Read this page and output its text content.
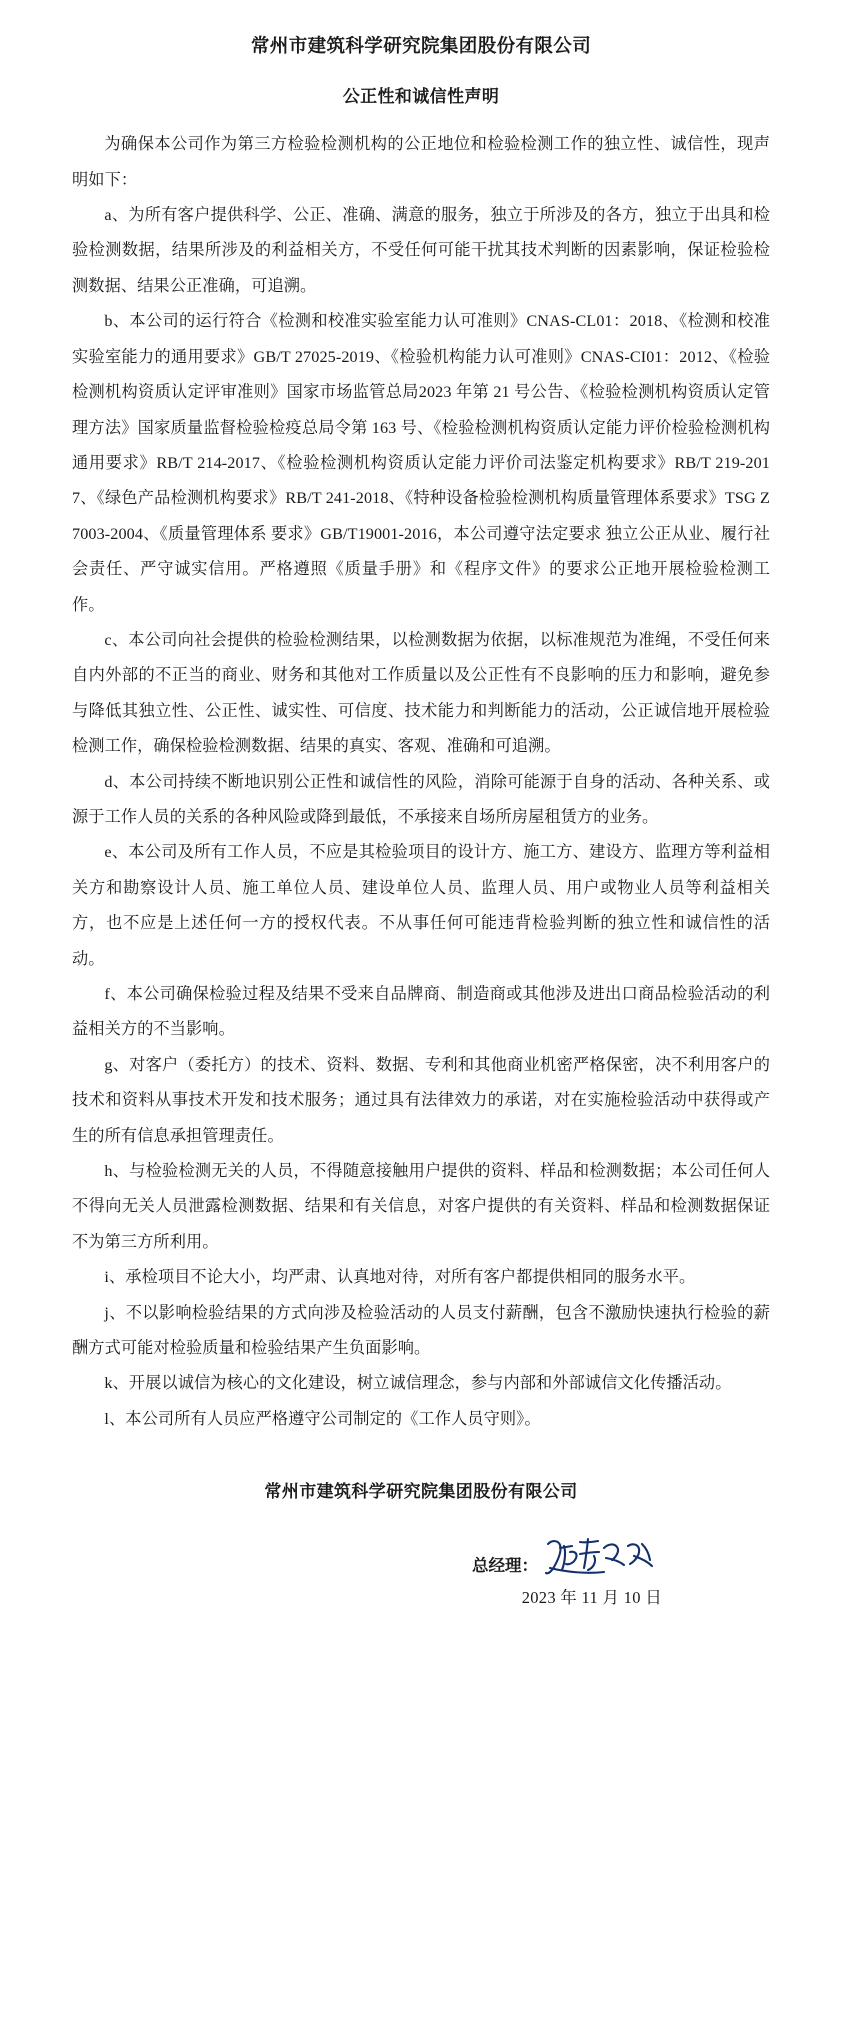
常州市建筑科学研究院集团股份有限公司
公正性和诚信性声明

为确保本公司作为第三方检验检测机构的公正地位和检验检测工作的独立性、诚信性，现声明如下：

a、为所有客户提供科学、公正、准确、满意的服务，独立于所涉及的各方，独立于出具和检验检测数据，结果所涉及的利益相关方，不受任何可能干扰其技术判断的因素影响，保证检验检测数据、结果公正准确，可追溯。

b、本公司的运行符合《检测和校准实验室能力认可准则》CNAS-CL01：2018、《检测和校准实验室能力的通用要求》GB/T 27025-2019、《检验机构能力认可准则》CNAS-CI01：2012、《检验检测机构资质认定评审准则》国家市场监管总局2023 年第 21 号公告、《检验检测机构资质认定管理方法》国家质量监督检验检疫总局令第 163 号、《检验检测机构资质认定能力评价检验检测机构通用要求》RB/T 214-2017、《检验检测机构资质认定能力评价司法鉴定机构要求》RB/T 219-2017、《绿色产品检测机构要求》RB/T 241-2018、《特种设备检验检测机构质量管理体系要求》TSG Z7003-2004、《质量管理体系 要求》GB/T19001-2016，本公司遵守法定要求 独立公正从业、履行社会责任、严守诚实信用。严格遵照《质量手册》和《程序文件》的要求公正地开展检验检测工作。

c、本公司向社会提供的检验检测结果，以检测数据为依据，以标准规范为准绳，不受任何来自内外部的不正当的商业、财务和其他对工作质量以及公正性有不良影响的压力和影响，避免参与降低其独立性、公正性、诚实性、可信度、技术能力和判断能力的活动，公正诚信地开展检验检测工作，确保检验检测数据、结果的真实、客观、准确和可追溯。

d、本公司持续不断地识别公正性和诚信性的风险，消除可能源于自身的活动、各种关系、或源于工作人员的关系的各种风险或降到最低，不承接来自场所房屋租赁方的业务。

e、本公司及所有工作人员，不应是其检验项目的设计方、施工方、建设方、监理方等利益相关方和勘察设计人员、施工单位人员、建设单位人员、监理人员、用户或物业人员等利益相关方，也不应是上述任何一方的授权代表。不从事任何可能违背检验判断的独立性和诚信性的活动。

f、本公司确保检验过程及结果不受来自品牌商、制造商或其他涉及进出口商品检验活动的利益相关方的不当影响。

g、对客户（委托方）的技术、资料、数据、专利和其他商业机密严格保密，决不利用客户的技术和资料从事技术开发和技术服务；通过具有法律效力的承诺，对在实施检验活动中获得或产生的所有信息承担管理责任。

h、与检验检测无关的人员，不得随意接触用户提供的资料、样品和检测数据；本公司任何人不得向无关人员泄露检测数据、结果和有关信息，对客户提供的有关资料、样品和检测数据保证不为第三方所利用。

i、承检项目不论大小，均严肃、认真地对待，对所有客户都提供相同的服务水平。

j、不以影响检验结果的方式向涉及检验活动的人员支付薪酬，包含不激励快速执行检验的薪酬方式可能对检验质量和检验结果产生负面影响。

k、开展以诚信为核心的文化建设，树立诚信理念，参与内部和外部诚信文化传播活动。

l、本公司所有人员应严格遵守公司制定的《工作人员守则》。

常州市建筑科学研究院集团股份有限公司
总经理：
2023 年 11 月 10 日
